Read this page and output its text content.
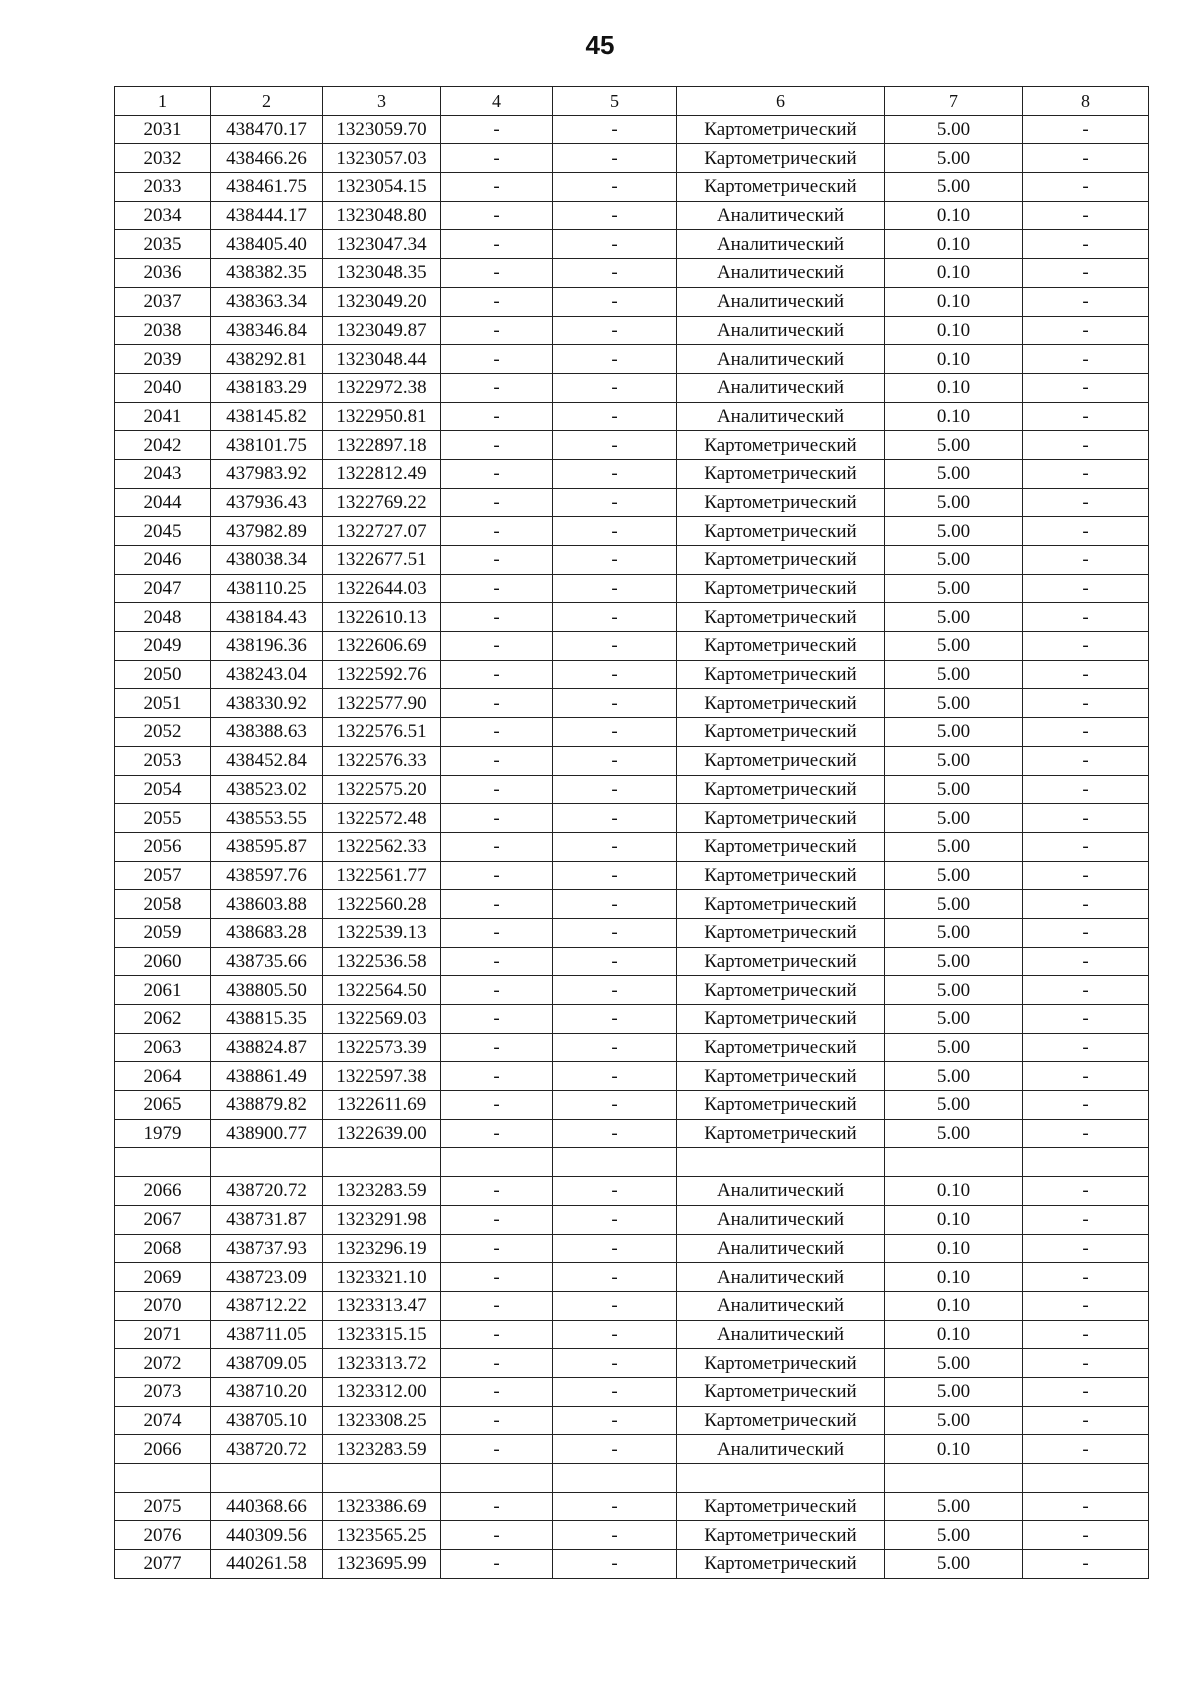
45
1	2	3	4	5	6	7	8
2031	438470.17	1323059.70	-	-	Картометрический	5.00	-
2032	438466.26	1323057.03	-	-	Картометрический	5.00	-
2033	438461.75	1323054.15	-	-	Картометрический	5.00	-
2034	438444.17	1323048.80	-	-	Аналитический	0.10	-
2035	438405.40	1323047.34	-	-	Аналитический	0.10	-
2036	438382.35	1323048.35	-	-	Аналитический	0.10	-
2037	438363.34	1323049.20	-	-	Аналитический	0.10	-
2038	438346.84	1323049.87	-	-	Аналитический	0.10	-
2039	438292.81	1323048.44	-	-	Аналитический	0.10	-
2040	438183.29	1322972.38	-	-	Аналитический	0.10	-
2041	438145.82	1322950.81	-	-	Аналитический	0.10	-
2042	438101.75	1322897.18	-	-	Картометрический	5.00	-
2043	437983.92	1322812.49	-	-	Картометрический	5.00	-
2044	437936.43	1322769.22	-	-	Картометрический	5.00	-
2045	437982.89	1322727.07	-	-	Картометрический	5.00	-
2046	438038.34	1322677.51	-	-	Картометрический	5.00	-
2047	438110.25	1322644.03	-	-	Картометрический	5.00	-
2048	438184.43	1322610.13	-	-	Картометрический	5.00	-
2049	438196.36	1322606.69	-	-	Картометрический	5.00	-
2050	438243.04	1322592.76	-	-	Картометрический	5.00	-
2051	438330.92	1322577.90	-	-	Картометрический	5.00	-
2052	438388.63	1322576.51	-	-	Картометрический	5.00	-
2053	438452.84	1322576.33	-	-	Картометрический	5.00	-
2054	438523.02	1322575.20	-	-	Картометрический	5.00	-
2055	438553.55	1322572.48	-	-	Картометрический	5.00	-
2056	438595.87	1322562.33	-	-	Картометрический	5.00	-
2057	438597.76	1322561.77	-	-	Картометрический	5.00	-
2058	438603.88	1322560.28	-	-	Картометрический	5.00	-
2059	438683.28	1322539.13	-	-	Картометрический	5.00	-
2060	438735.66	1322536.58	-	-	Картометрический	5.00	-
2061	438805.50	1322564.50	-	-	Картометрический	5.00	-
2062	438815.35	1322569.03	-	-	Картометрический	5.00	-
2063	438824.87	1322573.39	-	-	Картометрический	5.00	-
2064	438861.49	1322597.38	-	-	Картометрический	5.00	-
2065	438879.82	1322611.69	-	-	Картометрический	5.00	-
1979	438900.77	1322639.00	-	-	Картометрический	5.00	-

2066	438720.72	1323283.59	-	-	Аналитический	0.10	-
2067	438731.87	1323291.98	-	-	Аналитический	0.10	-
2068	438737.93	1323296.19	-	-	Аналитический	0.10	-
2069	438723.09	1323321.10	-	-	Аналитический	0.10	-
2070	438712.22	1323313.47	-	-	Аналитический	0.10	-
2071	438711.05	1323315.15	-	-	Аналитический	0.10	-
2072	438709.05	1323313.72	-	-	Картометрический	5.00	-
2073	438710.20	1323312.00	-	-	Картометрический	5.00	-
2074	438705.10	1323308.25	-	-	Картометрический	5.00	-
2066	438720.72	1323283.59	-	-	Аналитический	0.10	-

2075	440368.66	1323386.69	-	-	Картометрический	5.00	-
2076	440309.56	1323565.25	-	-	Картометрический	5.00	-
2077	440261.58	1323695.99	-	-	Картометрический	5.00	-
